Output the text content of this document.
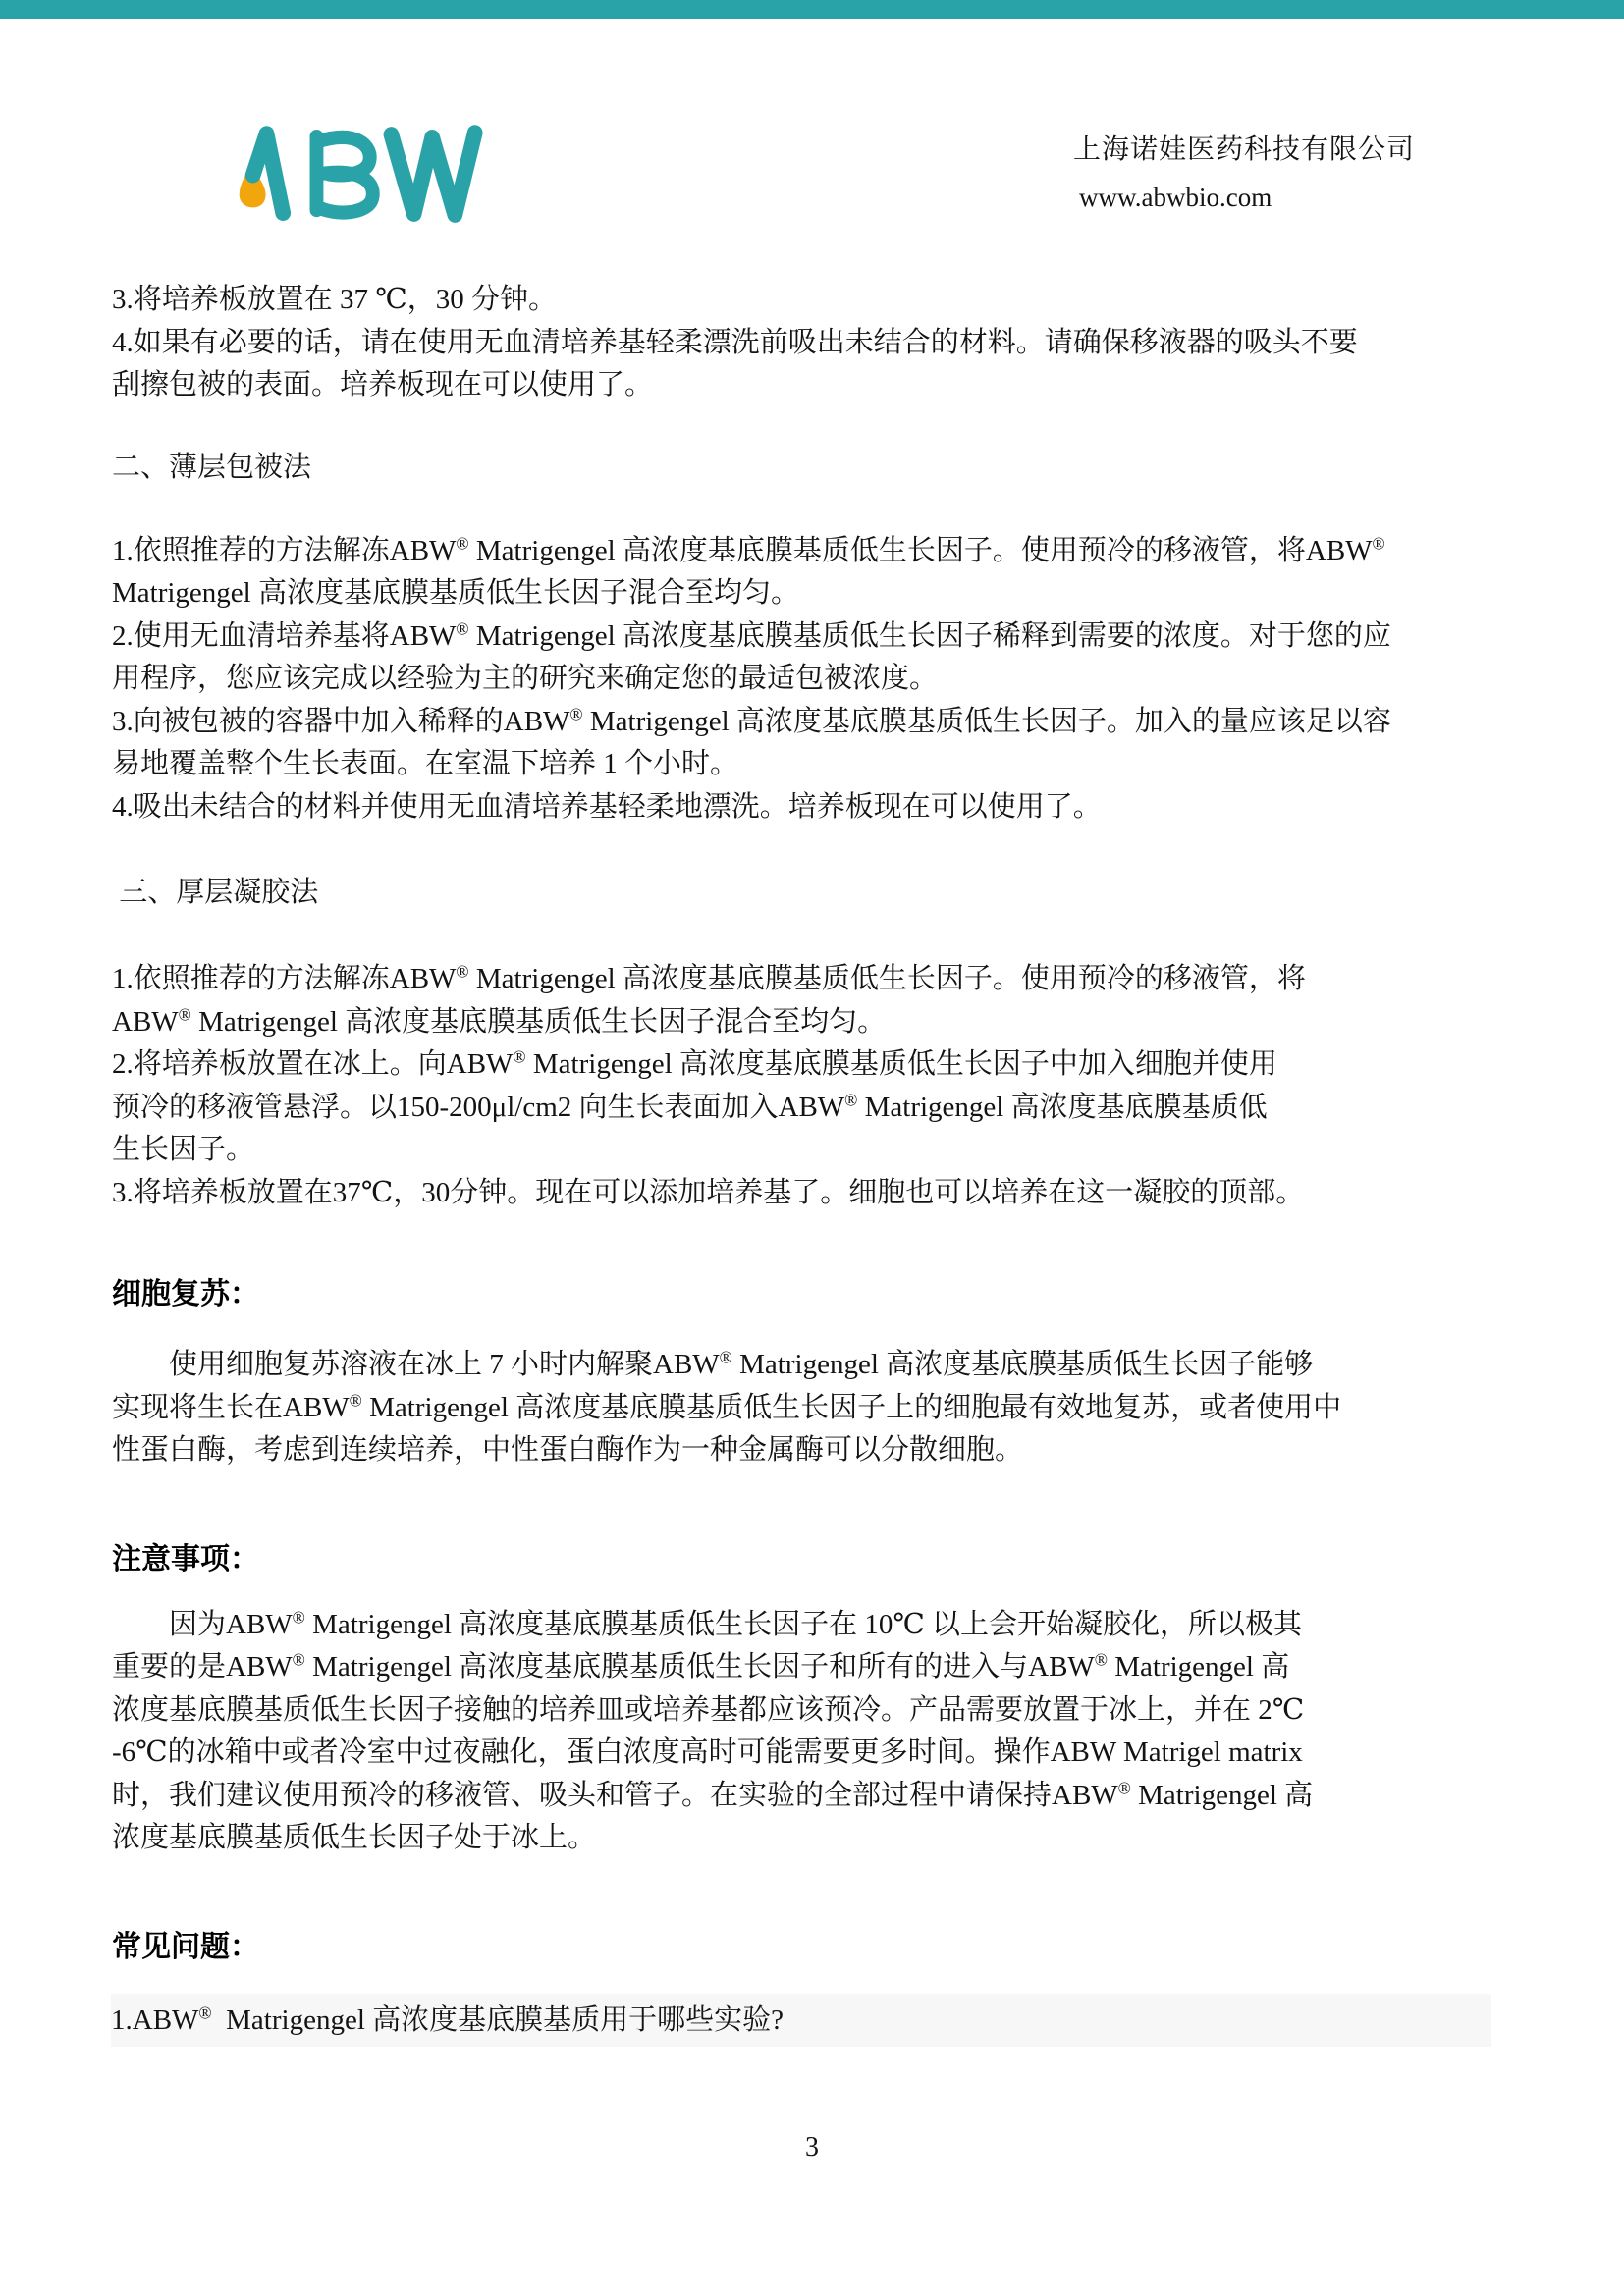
上海诺娃医药科技有限公司
www.abwbio.com
3.将培养板放置在 37 ℃，30 分钟。
4.如果有必要的话，请在使用无血清培养基轻柔漂洗前吸出未结合的材料。请确保移液器的吸头不要
刮擦包被的表面。培养板现在可以使用了。
二、薄层包被法
1.依照推荐的方法解冻ABW® Matrigengel 高浓度基底膜基质低生长因子。使用预冷的移液管，将ABW®
Matrigengel 高浓度基底膜基质低生长因子混合至均匀。
2.使用无血清培养基将ABW® Matrigengel 高浓度基底膜基质低生长因子稀释到需要的浓度。对于您的应
用程序，您应该完成以经验为主的研究来确定您的最适包被浓度。
3.向被包被的容器中加入稀释的ABW® Matrigengel 高浓度基底膜基质低生长因子。加入的量应该足以容
易地覆盖整个生长表面。在室温下培养 1 个小时。
4.吸出未结合的材料并使用无血清培养基轻柔地漂洗。培养板现在可以使用了。
三、厚层凝胶法
1.依照推荐的方法解冻ABW® Matrigengel 高浓度基底膜基质低生长因子。使用预冷的移液管，将
ABW® Matrigengel 高浓度基底膜基质低生长因子混合至均匀。
2.将培养板放置在冰上。向ABW® Matrigengel 高浓度基底膜基质低生长因子中加入细胞并使用
预冷的移液管悬浮。以150-200μl/cm2 向生长表面加入ABW® Matrigengel 高浓度基底膜基质低
生长因子。
3.将培养板放置在37℃，30分钟。现在可以添加培养基了。细胞也可以培养在这一凝胶的顶部。
细胞复苏：
　　使用细胞复苏溶液在冰上 7 小时内解聚ABW® Matrigengel 高浓度基底膜基质低生长因子能够
实现将生长在ABW® Matrigengel 高浓度基底膜基质低生长因子上的细胞最有效地复苏，或者使用中
性蛋白酶，考虑到连续培养，中性蛋白酶作为一种金属酶可以分散细胞。
注意事项：
　　因为ABW® Matrigengel 高浓度基底膜基质低生长因子在 10℃ 以上会开始凝胶化，所以极其
重要的是ABW® Matrigengel 高浓度基底膜基质低生长因子和所有的进入与ABW® Matrigengel 高
浓度基底膜基质低生长因子接触的培养皿或培养基都应该预冷。产品需要放置于冰上，并在 2℃
-6℃的冰箱中或者冷室中过夜融化，蛋白浓度高时可能需要更多时间。操作ABW Matrigel matrix
时，我们建议使用预冷的移液管、吸头和管子。在实验的全部过程中请保持ABW® Matrigengel 高
浓度基底膜基质低生长因子处于冰上。
常见问题：
1.ABW®  Matrigengel 高浓度基底膜基质用于哪些实验?
3
